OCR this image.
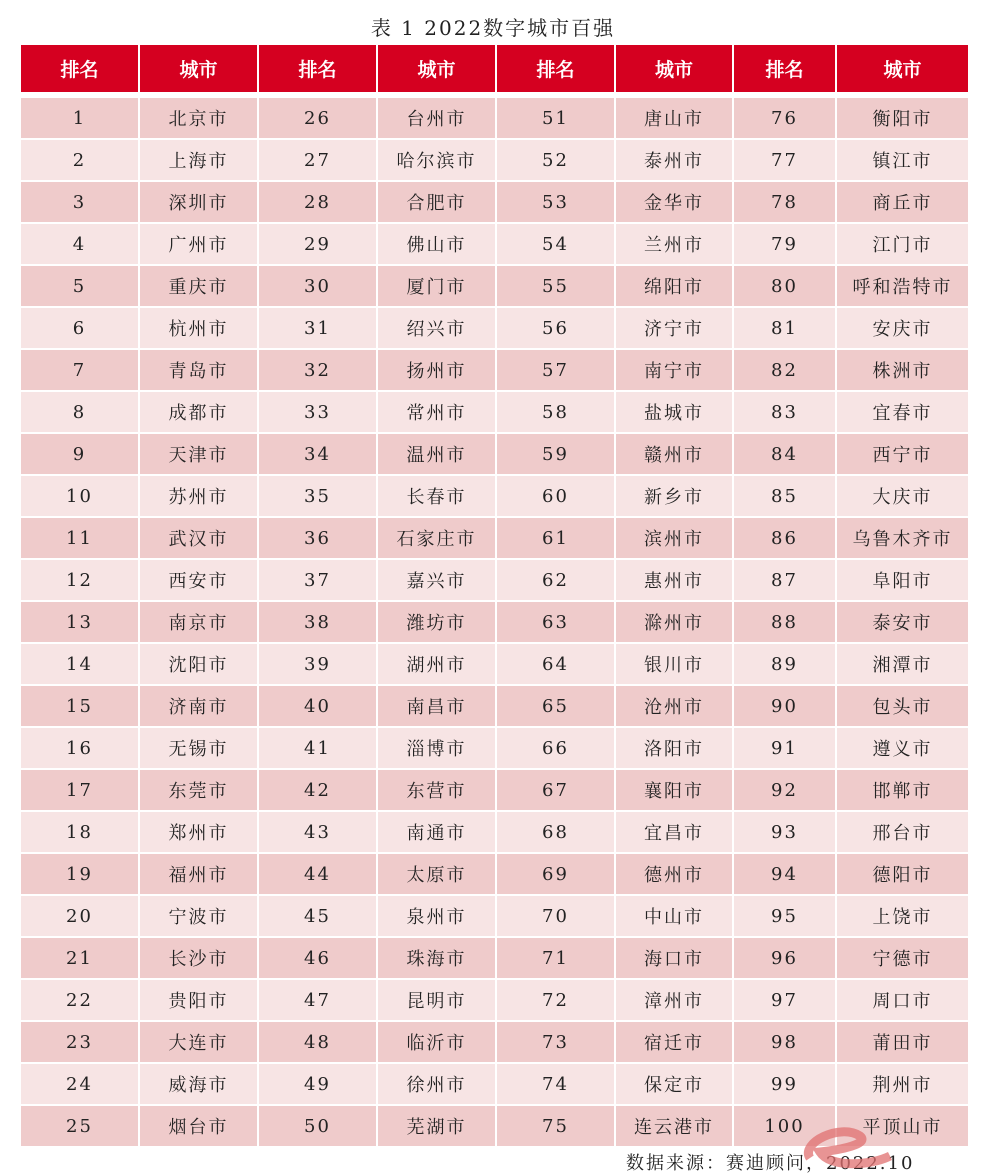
表 1 2022数字城市百强
排名	城市	排名	城市	排名	城市	排名	城市

1	北京市	26	台州市	51	唐山市	76	衡阳市
2	上海市	27	哈尔滨市	52	泰州市	77	镇江市
3	深圳市	28	合肥市	53	金华市	78	商丘市
4	广州市	29	佛山市	54	兰州市	79	江门市
5	重庆市	30	厦门市	55	绵阳市	80	呼和浩特市
6	杭州市	31	绍兴市	56	济宁市	81	安庆市
7	青岛市	32	扬州市	57	南宁市	82	株洲市
8	成都市	33	常州市	58	盐城市	83	宜春市
9	天津市	34	温州市	59	赣州市	84	西宁市
10	苏州市	35	长春市	60	新乡市	85	大庆市
11	武汉市	36	石家庄市	61	滨州市	86	乌鲁木齐市
12	西安市	37	嘉兴市	62	惠州市	87	阜阳市
13	南京市	38	潍坊市	63	滁州市	88	泰安市
14	沈阳市	39	湖州市	64	银川市	89	湘潭市
15	济南市	40	南昌市	65	沧州市	90	包头市
16	无锡市	41	淄博市	66	洛阳市	91	遵义市
17	东莞市	42	东营市	67	襄阳市	92	邯郸市
18	郑州市	43	南通市	68	宜昌市	93	邢台市
19	福州市	44	太原市	69	德州市	94	德阳市
20	宁波市	45	泉州市	70	中山市	95	上饶市
21	长沙市	46	珠海市	71	海口市	96	宁德市
22	贵阳市	47	昆明市	72	漳州市	97	周口市
23	大连市	48	临沂市	73	宿迁市	98	莆田市
24	威海市	49	徐州市	74	保定市	99	荆州市
25	烟台市	50	芜湖市	75	连云港市	100	平顶山市
数据来源：赛迪顾问，2022.10
